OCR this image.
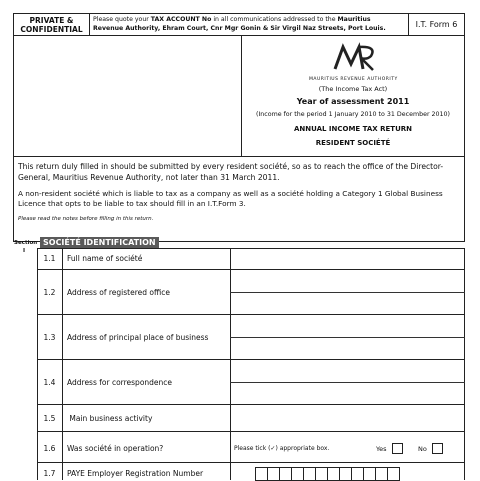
PRIVATE &
CONFIDENTIAL
Please quote your TAX ACCOUNT No in all communications addressed to the Mauritius
Revenue Authority, Ehram Court, Cnr Mgr Gonin & Sir Virgil Naz Streets, Port Louis.	I.T. Form 6
MAURITIUS REVENUE AUTHORITY
(The Income Tax Act)
Year of assessment 2011
(Income for the period 1 January 2010 to 31 December 2010)
ANNUAL INCOME TAX RETURN
RESIDENT SOCIÉTÉ
This return duly filled in should be submitted by every resident société, so as to reach the office of the Director-General, Mauritius Revenue Authority, not later than 31 March 2011.
A non-resident société which is liable to tax as a company as well as a société holding a Category 1 Global Business Licence that opts to be liable to tax should fill in an I.T.Form 3.
Please read the notes before filling in this return.
Section
I
SOCIÉTÉ IDENTIFICATION
1.1	Full name of société
1.2	Address of registered office
1.3	Address of principal place of business
1.4	Address for correspondence
1.5	Main business activity
1.6	Was société in operation?	Please tick (✓) appropriate box.	Yes	No
1.7	PAYE Employer Registration Number
